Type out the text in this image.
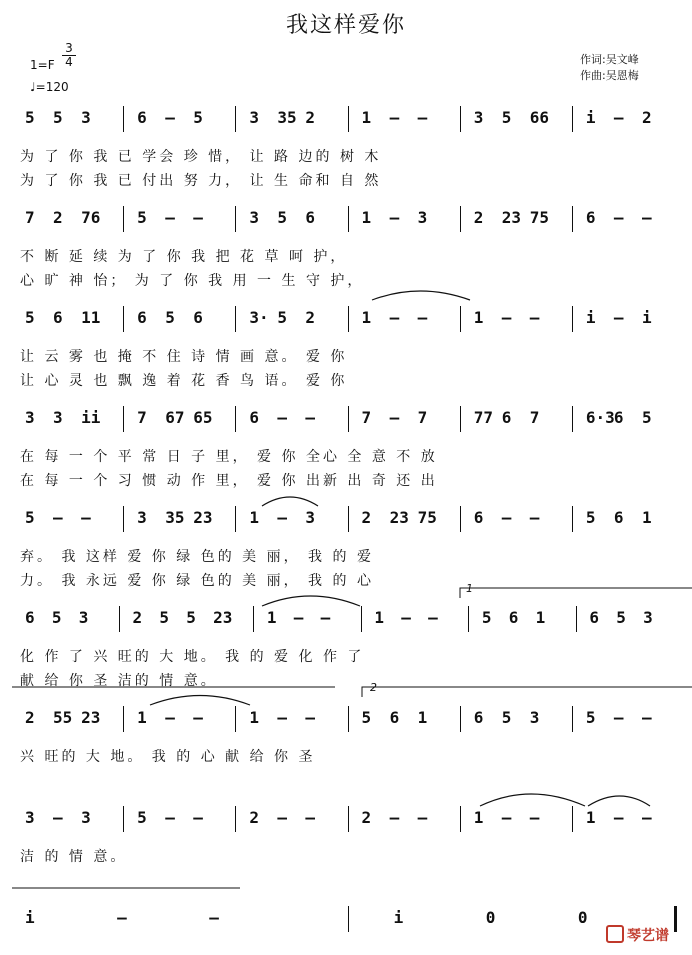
我这样爱你
1=F
3
4
♩=120
作词:吴文峰
作曲:吴恩梅
5 5 3	6 – 5	3 35 2	1 – –	3 5 66 i – 2
为 了 你 我 已 学会 珍 惜， 让 路 边的 树 木
为 了 你 我 已 付出 努 力， 让 生 命和 自 然
7 2 76 5 – –	3 5 6	1 – 3	2 23 75 6 – –
不 断 延 续 为 了 你 我 把 花 草 呵 护，
心 旷 神 怡； 为 了 你 我 用 一 生 守 护，
5 6 11 6 5 6	3· 5 2	1 – –	1 – –	i – i
让 云 雾 也 掩 不 住 诗 情 画 意。 爱 你
让 心 灵 也 飘 逸 着 花 香 鸟 语。 爱 你
3 3 ii 7 67 65 6 – –	7 – 7	77 6 7	6·3 6 5
在 每 一 个 平 常 日 子 里， 爱 你 全心 全 意 不 放
在 每 一 个 习 惯 动 作 里， 爱 你 出新 出 奇 还 出
5 – –	3 35 23 1 – 3	2 23 75 6 – –	5 6 1
弃。 我 这样 爱 你 绿 色的 美 丽， 我 的 爱
力。 我 永远 爱 你 绿 色的 美 丽， 我 的 心
6 5 3	2 5 5 23 1 – –	1 – –	5 6 1	6 5 3
化 作 了 兴 旺的 大 地。 我 的 爱 化 作 了
献 给 你 圣 洁的 情 意。
2 55 23 1 – –	1 – –	5 6 1	6 5 3	5 – –
兴 旺的 大 地。 我 的 心 献 给 你 圣
3 – 3	5 – –	2 – –	2 – –	1 – –	1 – –
洁 的 情 意。
i	–	–	i	0	0
1
2
琴艺谱
